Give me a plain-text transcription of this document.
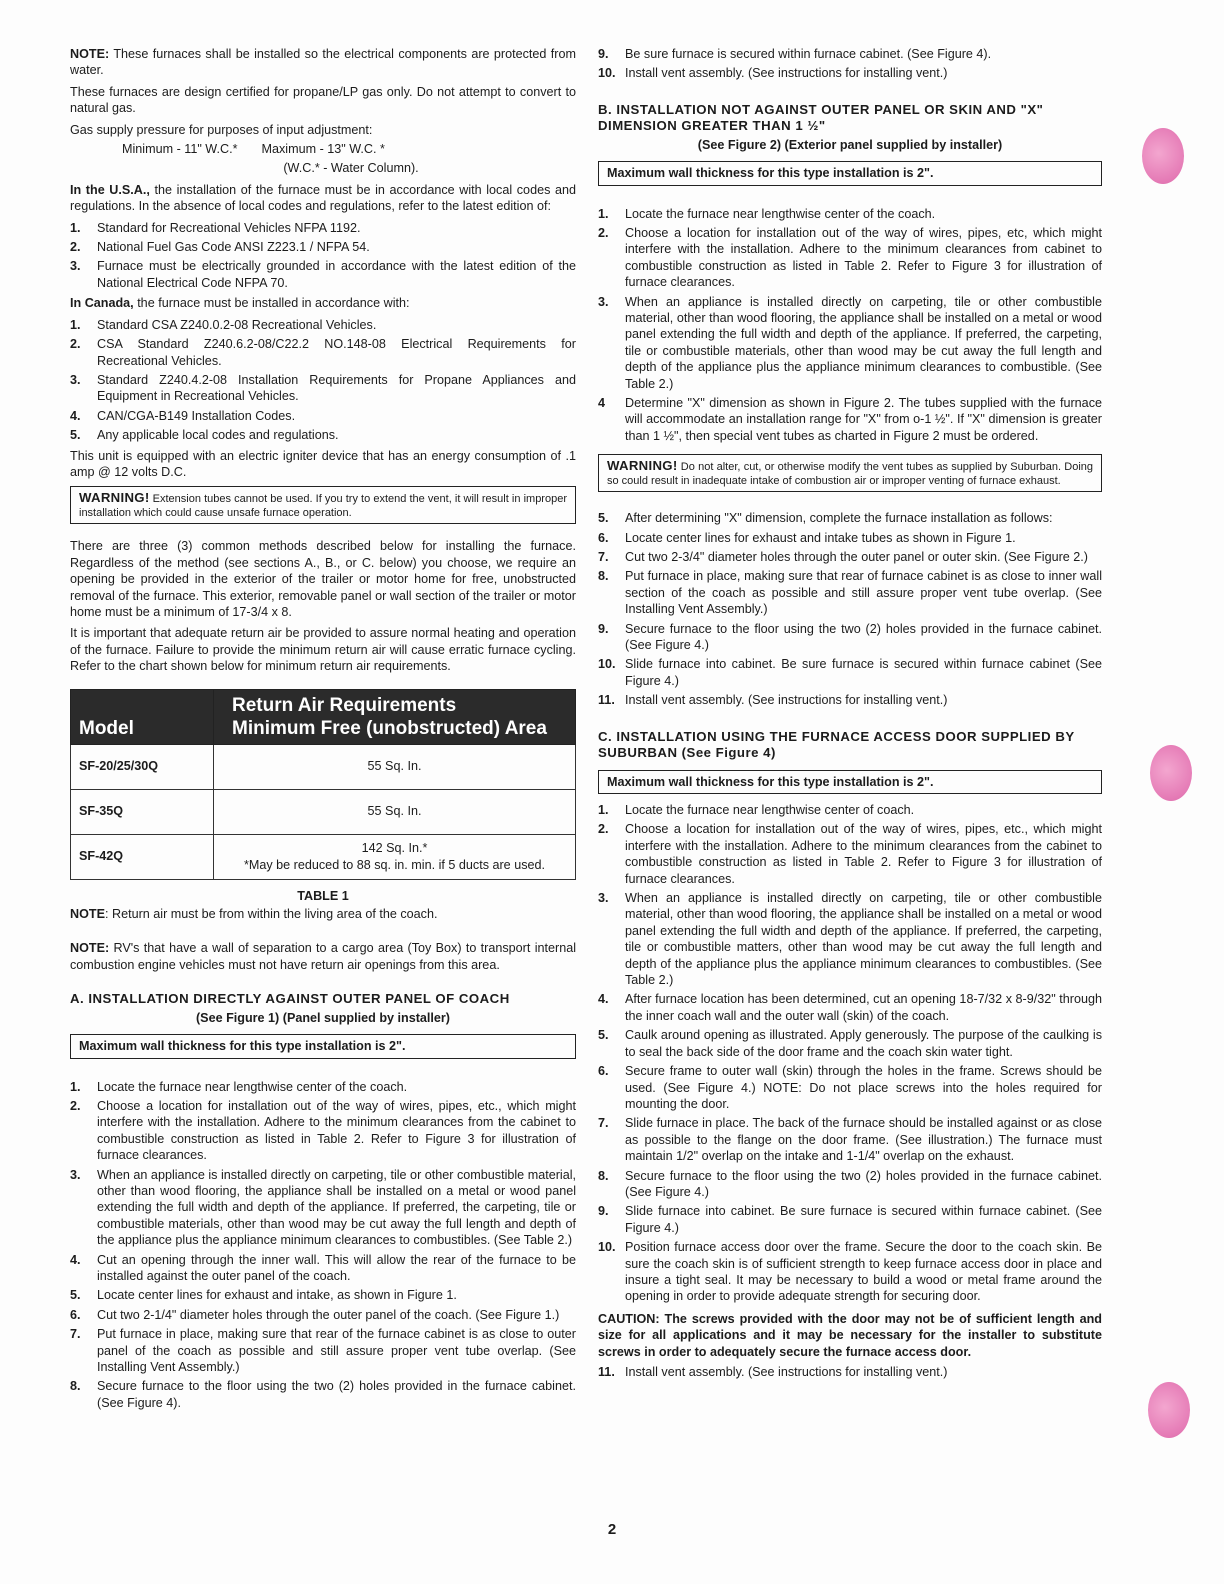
NOTE: These furnaces shall be installed so the electrical components are protected from water.

These furnaces are design certified for propane/LP gas only. Do not attempt to convert to natural gas.

Gas supply pressure for purposes of input adjustment:

Minimum - 11" W.C.* Maximum - 13" W.C. *

(W.C.* - Water Column).

In the U.S.A., the installation of the furnace must be in accordance with local codes and regulations. In the absence of local codes and regulations, refer to the latest edition of:

1. Standard for Recreational Vehicles NFPA 1192.
2. National Fuel Gas Code ANSI Z223.1 / NFPA 54.
3. Furnace must be electrically grounded in accordance with the latest edition of the National Electrical Code NFPA 70.

In Canada, the furnace must be installed in accordance with:

1. Standard CSA Z240.0.2-08 Recreational Vehicles.
2. CSA Standard Z240.6.2-08/C22.2 NO.148-08 Electrical Requirements for Recreational Vehicles.
3. Standard Z240.4.2-08 Installation Requirements for Propane Appliances and Equipment in Recreational Vehicles.
4. CAN/CGA-B149 Installation Codes.
5. Any applicable local codes and regulations.

This unit is equipped with an electric igniter device that has an energy consumption of .1 amp @ 12 volts D.C.

WARNING! Extension tubes cannot be used. If you try to extend the vent, it will result in improper installation which could cause unsafe furnace operation.

There are three (3) common methods described below for installing the furnace. Regardless of the method (see sections A., B., or C. below) you choose, we require an opening be provided in the exterior of the trailer or motor home for free, unobstructed removal of the furnace. This exterior, removable panel or wall section of the trailer or motor home must be a minimum of 17-3/4 x 8.

It is important that adequate return air be provided to assure normal heating and operation of the furnace. Failure to provide the minimum return air will cause erratic furnace cycling. Refer to the chart shown below for minimum return air requirements.

Model	Return Air Requirements
Minimum Free (unobstructed) Area

SF-20/25/30Q	55 Sq. In.
SF-35Q	55 Sq. In.
SF-42Q	142 Sq. In.*
*May be reduced to 88 sq. in. min. if 5 ducts are used.

TABLE 1

NOTE: Return air must be from within the living area of the coach.

NOTE: RV's that have a wall of separation to a cargo area (Toy Box) to transport internal combustion engine vehicles must not have return air openings from this area.

A. INSTALLATION DIRECTLY AGAINST OUTER PANEL OF COACH
(See Figure 1) (Panel supplied by installer)
Maximum wall thickness for this type installation is 2".
1. Locate the furnace near lengthwise center of the coach.
2. Choose a location for installation out of the way of wires, pipes, etc., which might interfere with the installation. Adhere to the minimum clearances from the cabinet to combustible construction as listed in Table 2. Refer to Figure 3 for illustration of furnace clearances.
3. When an appliance is installed directly on carpeting, tile or other combustible material, other than wood flooring, the appliance shall be installed on a metal or wood panel extending the full width and depth of the appliance. If preferred, the carpeting, tile or combustible materials, other than wood may be cut away the full length and depth of the appliance plus the appliance minimum clearances to combustibles. (See Table 2.)
4. Cut an opening through the inner wall. This will allow the rear of the furnace to be installed against the outer panel of the coach.
5. Locate center lines for exhaust and intake, as shown in Figure 1.
6. Cut two 2-1/4" diameter holes through the outer panel of the coach. (See Figure 1.)
7. Put furnace in place, making sure that rear of the furnace cabinet is as close to outer panel of the coach as possible and still assure proper vent tube overlap. (See Installing Vent Assembly.)
8. Secure furnace to the floor using the two (2) holes provided in the furnace cabinet. (See Figure 4).
9. Be sure furnace is secured within furnace cabinet. (See Figure 4).
10. Install vent assembly. (See instructions for installing vent.)
B. INSTALLATION NOT AGAINST OUTER PANEL OR SKIN AND "X" DIMENSION GREATER THAN 1 ½"
(See Figure 2) (Exterior panel supplied by installer)
Maximum wall thickness for this type installation is 2".
1. Locate the furnace near lengthwise center of the coach.
2. Choose a location for installation out of the way of wires, pipes, etc, which might interfere with the installation. Adhere to the minimum clearances from cabinet to combustible construction as listed in Table 2. Refer to Figure 3 for illustration of furnace clearances.
3. When an appliance is installed directly on carpeting, tile or other combustible material, other than wood flooring, the appliance shall be installed on a metal or wood panel extending the full width and depth of the appliance. If preferred, the carpeting, tile or combustible materials, other than wood may be cut away the full length and depth of the appliance plus the appliance minimum clearances to combustible. (See Table 2.)
4 Determine "X" dimension as shown in Figure 2. The tubes supplied with the furnace will accommodate an installation range for "X" from o-1 ½". If "X" dimension is greater than 1 ½", then special vent tubes as charted in Figure 2 must be ordered.
WARNING! Do not alter, cut, or otherwise modify the vent tubes as supplied by Suburban. Doing so could result in inadequate intake of combustion air or improper venting of furnace exhaust.
5. After determining "X" dimension, complete the furnace installation as follows:
6. Locate center lines for exhaust and intake tubes as shown in Figure 1.
7. Cut two 2-3/4" diameter holes through the outer panel or outer skin. (See Figure 2.)
8. Put furnace in place, making sure that rear of furnace cabinet is as close to inner wall section of the coach as possible and still assure proper vent tube overlap. (See Installing Vent Assembly.)
9. Secure furnace to the floor using the two (2) holes provided in the furnace cabinet. (See Figure 4.)
10. Slide furnace into cabinet. Be sure furnace is secured within furnace cabinet (See Figure 4.)
11. Install vent assembly. (See instructions for installing vent.)
C. INSTALLATION USING THE FURNACE ACCESS DOOR SUPPLIED BY SUBURBAN (See Figure 4)
Maximum wall thickness for this type installation is 2".
1. Locate the furnace near lengthwise center of coach.
2. Choose a location for installation out of the way of wires, pipes, etc., which might interfere with the installation. Adhere to the minimum clearances from the cabinet to combustible construction as listed in Table 2. Refer to Figure 3 for illustration of furnace clearances.
3. When an appliance is installed directly on carpeting, tile or other combustible material, other than wood flooring, the appliance shall be installed on a metal or wood panel extending the full width and depth of the appliance. If preferred, the carpeting, tile or combustible matters, other than wood may be cut away the full length and depth of the appliance plus the appliance minimum clearances to combustibles. (See Table 2.)
4. After furnace location has been determined, cut an opening 18-7/32 x 8-9/32" through the inner coach wall and the outer wall (skin) of the coach.
5. Caulk around opening as illustrated. Apply generously. The purpose of the caulking is to seal the back side of the door frame and the coach skin water tight.
6. Secure frame to outer wall (skin) through the holes in the frame. Screws should be used. (See Figure 4.) NOTE: Do not place screws into the holes required for mounting the door.
7. Slide furnace in place. The back of the furnace should be installed against or as close as possible to the flange on the door frame. (See illustration.) The furnace must maintain 1/2" overlap on the intake and 1-1/4" overlap on the exhaust.
8. Secure furnace to the floor using the two (2) holes provided in the furnace cabinet. (See Figure 4.)
9. Slide furnace into cabinet. Be sure furnace is secured within furnace cabinet. (See Figure 4.)
10. Position furnace access door over the frame. Secure the door to the coach skin. Be sure the coach skin is of sufficient strength to keep furnace access door in place and insure a tight seal. It may be necessary to build a wood or metal frame around the opening in order to provide adequate strength for securing door.

CAUTION: The screws provided with the door may not be of sufficient length and size for all applications and it may be necessary for the installer to substitute screws in order to adequately secure the furnace access door.

11. Install vent assembly. (See instructions for installing vent.)
2
